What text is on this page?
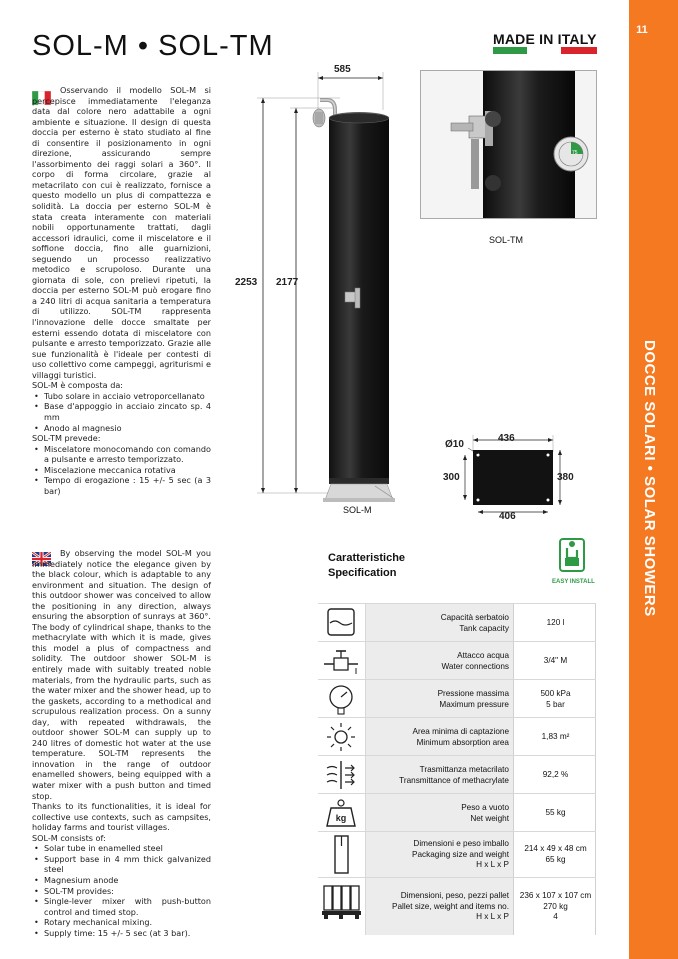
SOL-M • SOL-TM	MADE IN ITALY
11
DOCCE SOLARI • SOLAR SHOWERS

Osservando il modello SOL-M si percepisce immediatamente l'eleganza data dal colore nero adattabile a ogni ambiente e situazione. Il design di questa doccia per esterno è stato studiato al fine di consentire il posizionamento in ogni direzione, assicurando sempre l'assorbimento dei raggi solari a 360°. Il corpo di forma circolare, grazie al metacrilato con cui è realizzato, fornisce a questo modello un plus di compattezza e solidità. La doccia per esterno SOL-M è stata creata interamente con materiali nobili opportunamente trattati, dagli accessori idraulici, come il miscelatore e il soffione doccia, fino alle guarnizioni, seguendo un processo realizzativo metodico e scrupoloso. Durante una giornata di sole, con prelievi ripetuti, la doccia per esterno SOL-M può erogare fino a 240 litri di acqua sanitaria a temperatura di utilizzo. SOL-TM rappresenta l'innovazione delle docce smaltate per esterni essendo dotata di miscelatore con pulsante e arresto temporizzato. Grazie alle sue funzionalità è l'ideale per contesti di uso collettivo come campeggi, agriturismi e villaggi turistici.

SOL-M è composta da:

• Tubo solare in acciaio vetroporcellanato
• Base d'appoggio in acciaio zincato sp. 4 mm
• Anodo al magnesio

SOL-TM prevede:

• Miscelatore monocomando con comando a pulsante e arresto temporizzato.
• Miscelazione meccanica rotativa
• Tempo di erogazione : 15 +/- 5 sec (a 3 bar)

By observing the model SOL-M you immediately notice the elegance given by the black colour, which is adaptable to any environment and situation. The design of this outdoor shower was conceived to allow the positioning in any direction, always ensuring the absorption of sunrays at 360°. The body of cylindrical shape, thanks to the methacrylate with which it is made, gives this model a plus of compactness and solidity. The outdoor shower SOL-M is entirely made with suitably treated noble materials, from the hydraulic parts, such as the water mixer and the shower head, up to the gaskets, according to a methodical and scrupulous realization process. On a sunny day, with repeated withdrawals, the outdoor shower SOL-M can supply up to 240 litres of domestic hot water at the use temperature. SOL-TM represents the innovation in the range of outdoor enamelled showers, being equipped with a water mixer with a push button and timed stop.

Thanks to its functionalities, it is ideal for collective use contexts, such as campsites, holiday farms and tourist villages.

SOL-M consists of:

• Solar tube in enamelled steel
• Support base in 4 mm thick galvanized steel
• Magnesium anode
• SOL-TM provides:
• Single-lever mixer with push-button control and timed stop.
• Rotary mechanical mixing.
• Supply time: 15 +/- 5 sec (at 3 bar).
585
2253 2177
SOL-M
75
SOL-TM
Ø10
436
300	380
406
EASY INSTALL
Caratteristiche
Specification
Capacità serbatoio
Tank capacity
120 l
Attacco acqua
Water connections
3/4" M
Pressione massima
Maximum pressure
500 kPa
5 bar
Area minima di captazione
Minimum absorption area
1,83 m²
Trasmittanza metacrilato
Transmittance of methacrylate
92,2 %
kg
Peso a vuoto
Net weight
55 kg
Dimensioni e peso imballo
Packaging size and weight
H x L x P
214 x 49 x 48 cm
65 kg
Dimensioni, peso, pezzi pallet
Pallet size, weight and items no.
H x L x P
236 x 107 x 107 cm
270 kg
4
